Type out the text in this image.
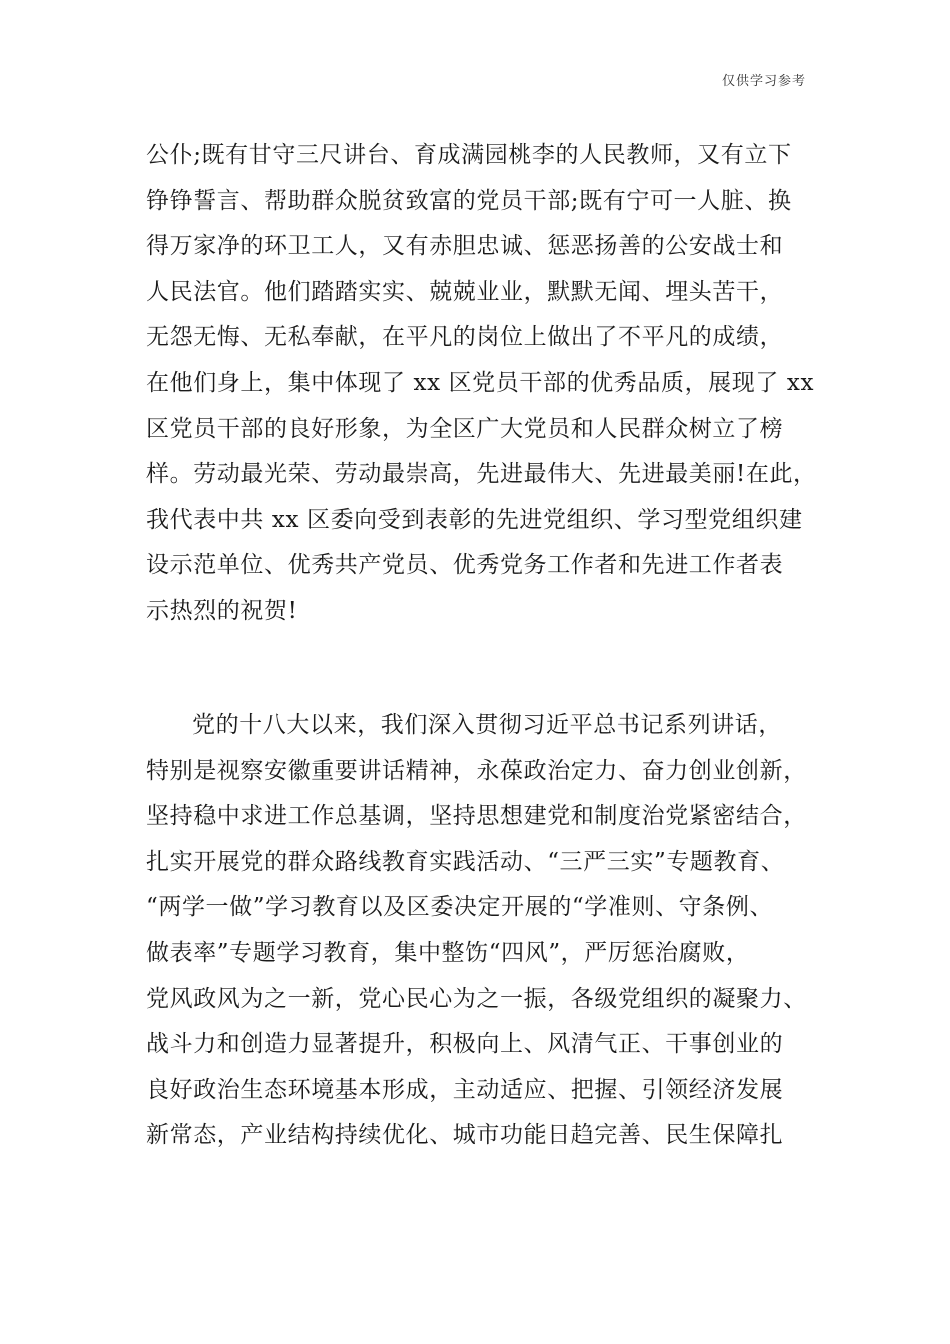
仅供学习参考
公仆;既有甘守三尺讲台、育成满园桃李的人民教师，又有立下
铮铮誓言、帮助群众脱贫致富的党员干部;既有宁可一人脏、换
得万家净的环卫工人，又有赤胆忠诚、惩恶扬善的公安战士和
人民法官。他们踏踏实实、兢兢业业，默默无闻、埋头苦干，
无怨无悔、无私奉献，在平凡的岗位上做出了不平凡的成绩，
在他们身上，集中体现了 xx 区党员干部的优秀品质，展现了 xx
区党员干部的良好形象，为全区广大党员和人民群众树立了榜
样。劳动最光荣、劳动最崇高，先进最伟大、先进最美丽!在此，
我代表中共 xx 区委向受到表彰的先进党组织、学习型党组织建
设示范单位、优秀共产党员、优秀党务工作者和先进工作者表
示热烈的祝贺!
党的十八大以来，我们深入贯彻习近平总书记系列讲话，
特别是视察安徽重要讲话精神，永葆政治定力、奋力创业创新，
坚持稳中求进工作总基调，坚持思想建党和制度治党紧密结合，
扎实开展党的群众路线教育实践活动、“三严三实”专题教育、
“两学一做”学习教育以及区委决定开展的“学准则、守条例、
做表率”专题学习教育，集中整饬“四风”，严厉惩治腐败，
党风政风为之一新，党心民心为之一振，各级党组织的凝聚力、
战斗力和创造力显著提升，积极向上、风清气正、干事创业的
良好政治生态环境基本形成，主动适应、把握、引领经济发展
新常态，产业结构持续优化、城市功能日趋完善、民生保障扎
